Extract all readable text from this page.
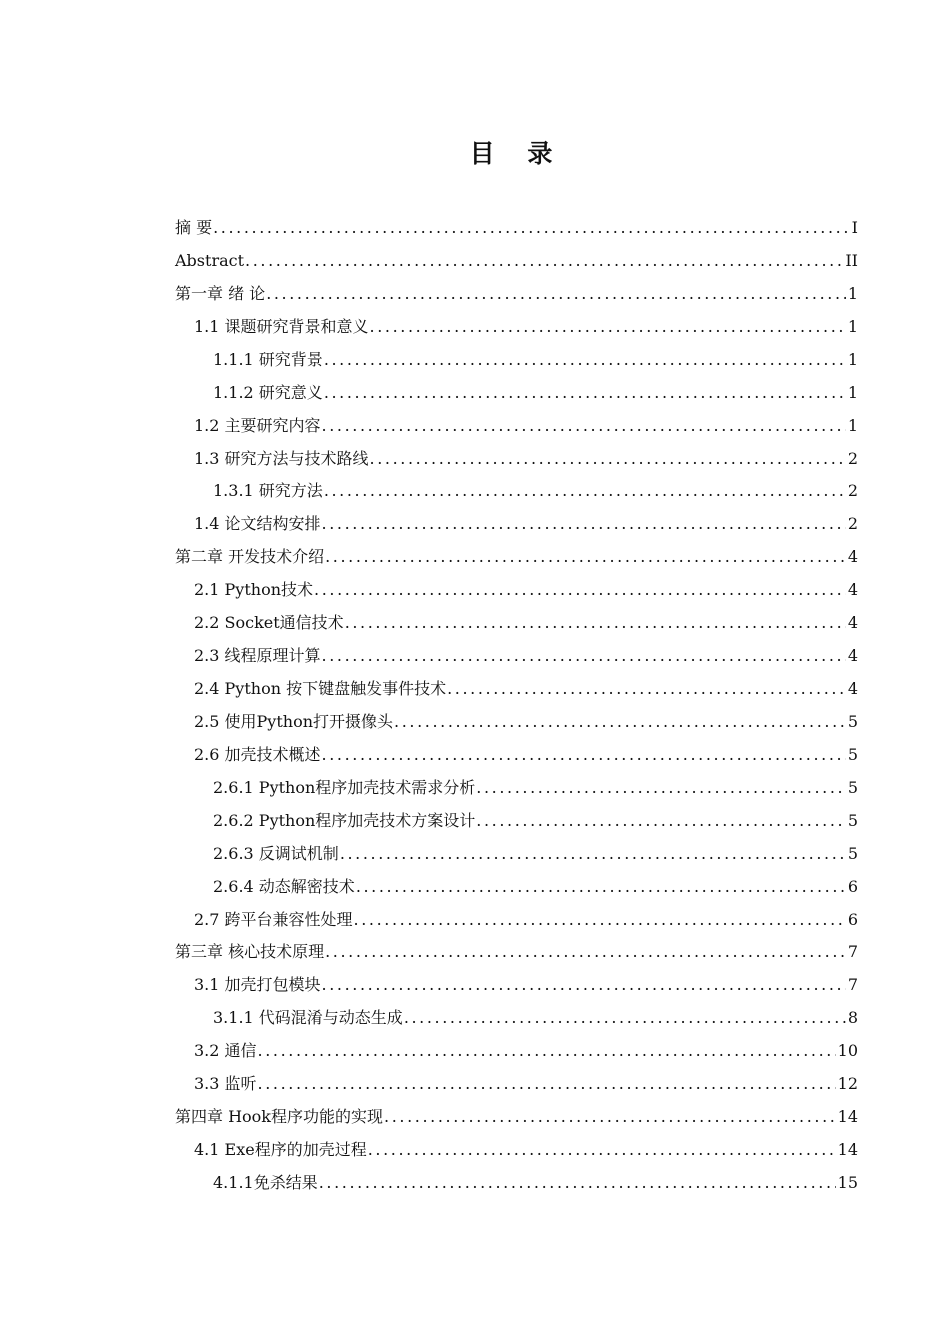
目 录
摘 要 .....	I
Abstract .....	II
第一章 绪 论 .....	1
1.1 课题研究背景和意义 .....	1
1.1.1 研究背景 .....	1
1.1.2 研究意义 .....	1
1.2 主要研究内容 .....	1
1.3 研究方法与技术路线 .....	2
1.3.1 研究方法 .....	2
1.4 论文结构安排 .....	2
第二章 开发技术介绍 .....	4
2.1 Python技术 .....	4
2.2 Socket通信技术 .....	4
2.3 线程原理计算 .....	4
2.4 Python 按下键盘触发事件技术 .....	4
2.5 使用Python打开摄像头 .....	5
2.6 加壳技术概述 .....	5
2.6.1 Python程序加壳技术需求分析 .....	5
2.6.2 Python程序加壳技术方案设计 .....	5
2.6.3 反调试机制 .....	5
2.6.4 动态解密技术 .....	6
2.7 跨平台兼容性处理 .....	6
第三章 核心技术原理 .....	7
3.1 加壳打包模块 .....	7
3.1.1 代码混淆与动态生成 .....	8
3.2 通信 .....	10
3.3 监听 .....	12
第四章 Hook程序功能的实现 .....	14
4.1 Exe程序的加壳过程 .....	14
4.1.1免杀结果 .....	15
